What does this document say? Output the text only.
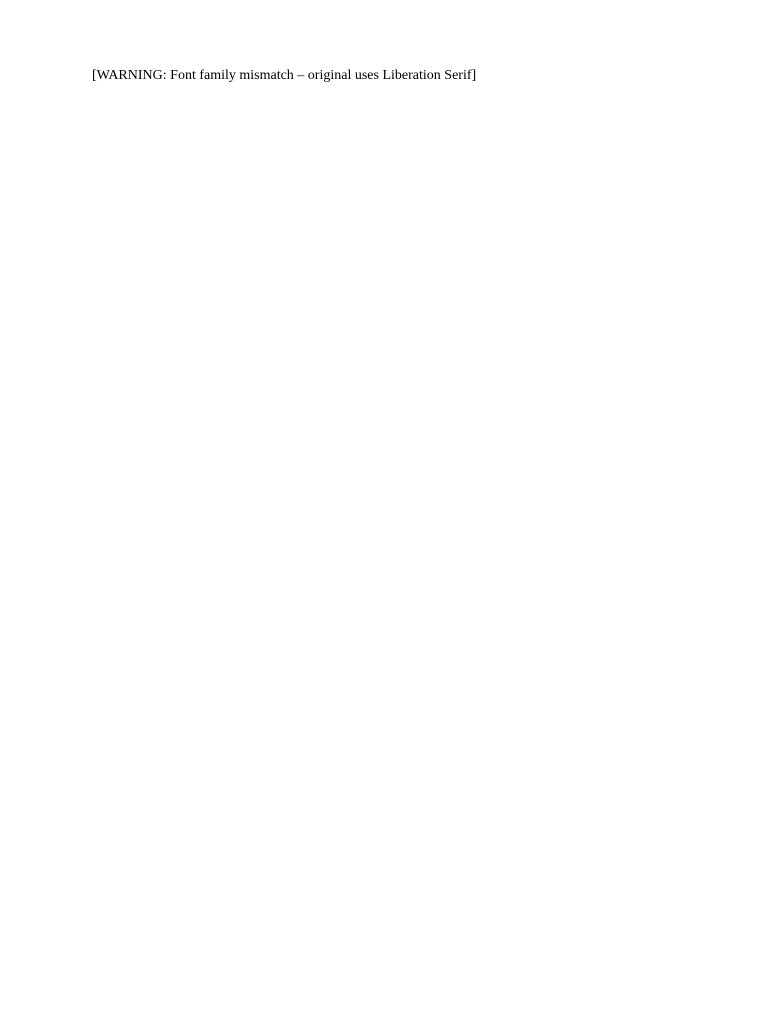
[WARNING: Font family mismatch – original uses Liberation Serif]
